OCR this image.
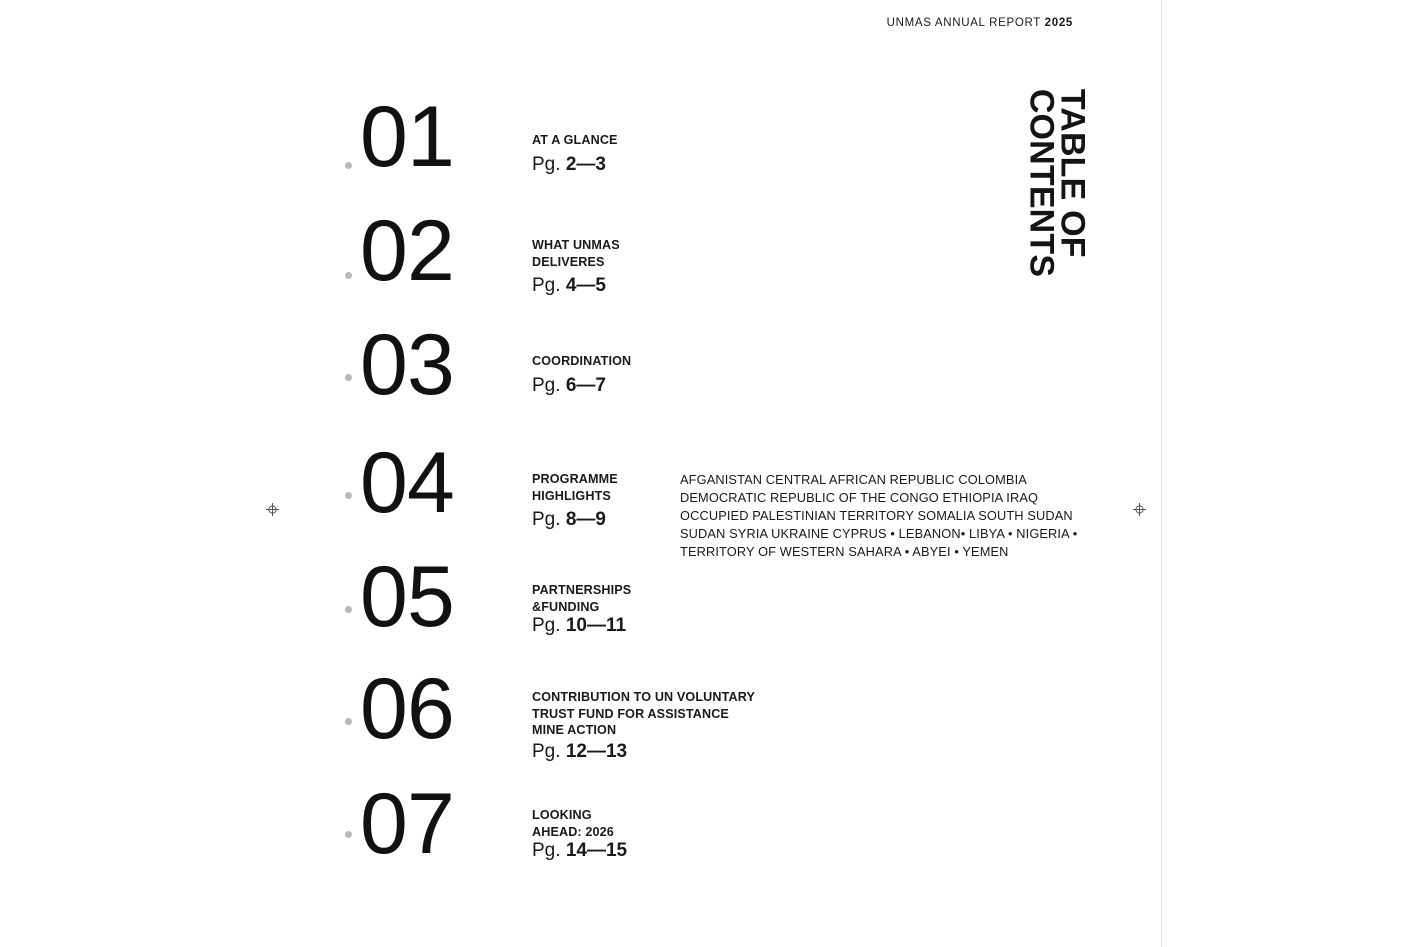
UNMAS ANNUAL REPORT 2025
TABLE OF
CONTENTS
01	AT A GLANCE
Pg. 2—3
02	WHAT UNMAS
DELIVERES
Pg. 4—5
03	COORDINATION
Pg. 6—7
04	PROGRAMME
HIGHLIGHTS
Pg. 8—9
AFGANISTAN CENTRAL AFRICAN REPUBLIC COLOMBIA DEMOCRATIC REPUBLIC OF THE CONGO ETHIOPIA IRAQ OCCUPIED PALESTINIAN TERRITORY SOMALIA SOUTH SUDAN SUDAN SYRIA UKRAINE CYPRUS • LEBANON• LIBYA • NIGERIA • TERRITORY OF WESTERN SAHARA • ABYEI • YEMEN
05	PARTNERSHIPS
&FUNDING
Pg. 10—11
06	CONTRIBUTION TO UN VOLUNTARY
TRUST FUND FOR ASSISTANCE
MINE ACTION
Pg. 12—13
07	LOOKING
AHEAD: 2026
Pg. 14—15
